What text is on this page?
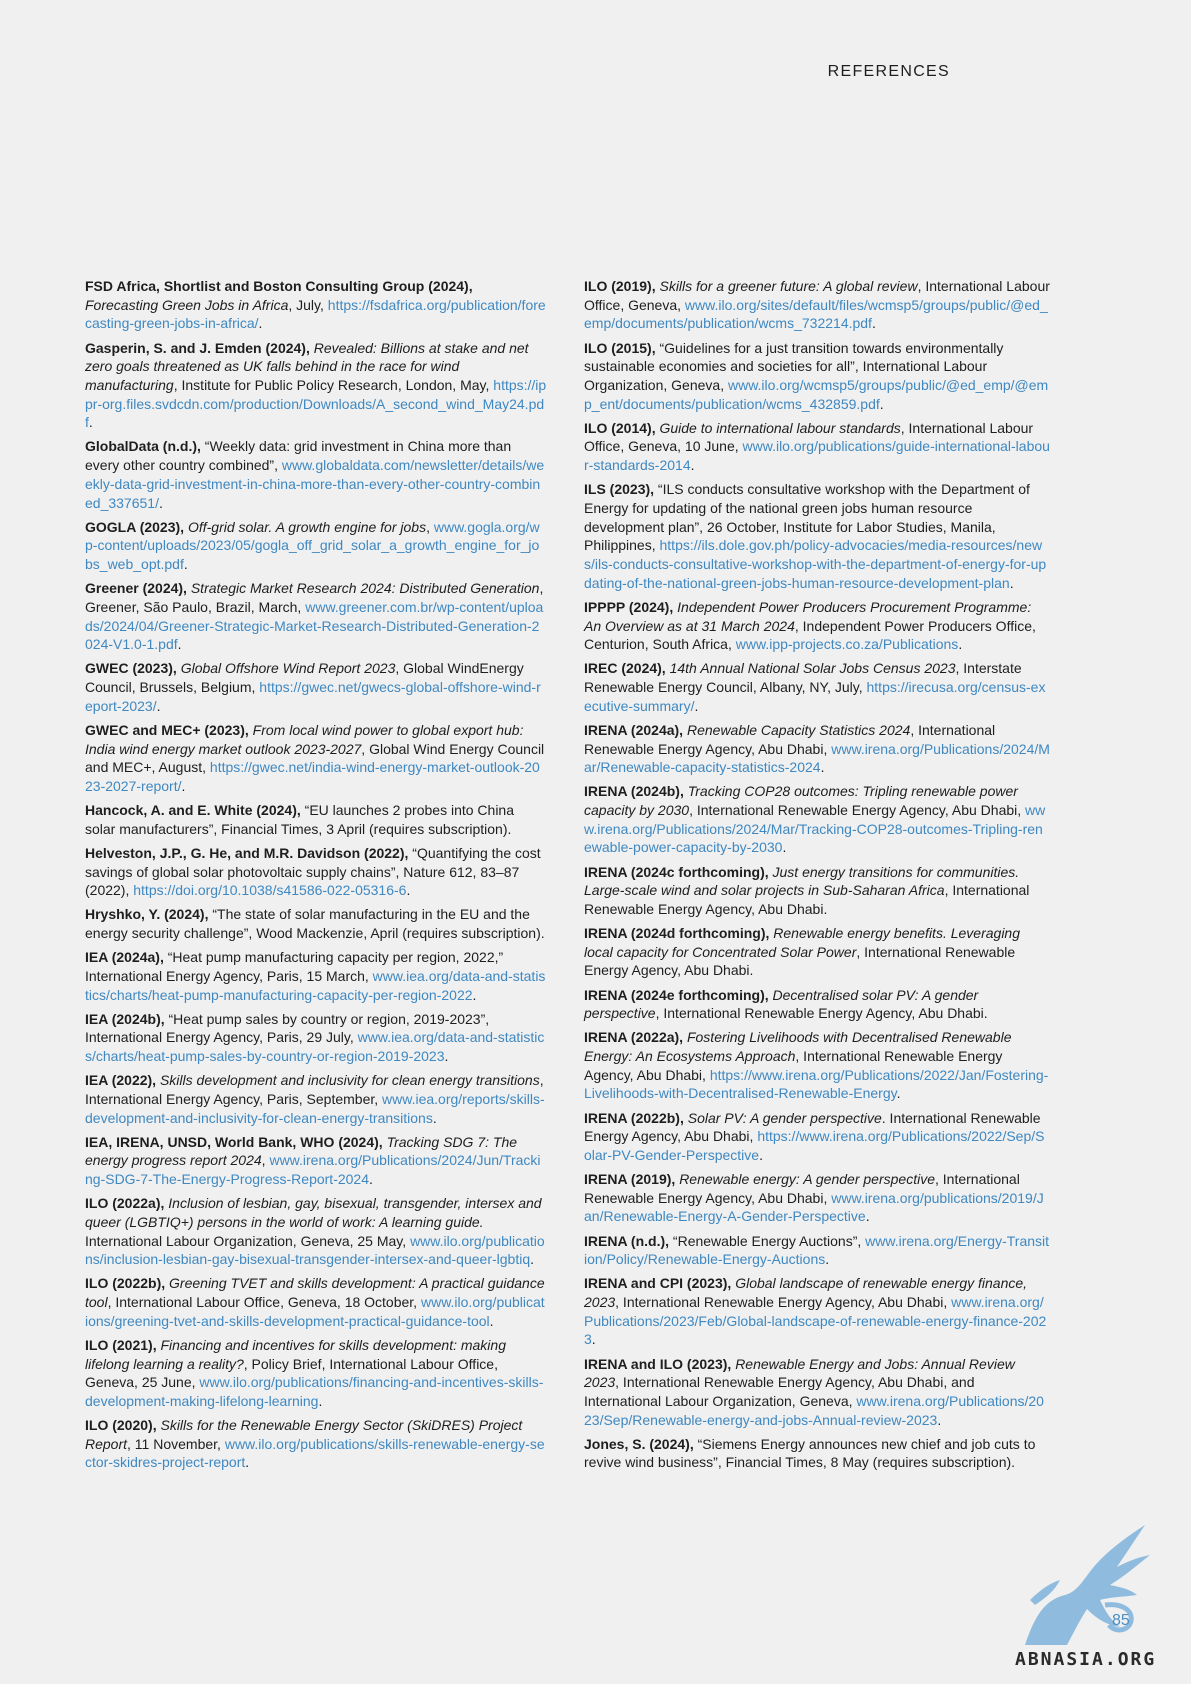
REFERENCES

FSD Africa, Shortlist and Boston Consulting Group (2024), Forecasting Green Jobs in Africa, July, https://fsdafrica.org/publication/forecasting-green-jobs-in-africa/.

Gasperin, S. and J. Emden (2024), Revealed: Billions at stake and net zero goals threatened as UK falls behind in the race for wind manufacturing, Institute for Public Policy Research, London, May, https://ippr-org.files.svdcdn.com/production/Downloads/A_second_wind_May24.pdf.

GlobalData (n.d.), “Weekly data: grid investment in China more than every other country combined”, www.globaldata.com/newsletter/details/weekly-data-grid-investment-in-china-more-than-every-other-country-combined_337651/.

GOGLA (2023), Off-grid solar. A growth engine for jobs, www.gogla.org/wp-content/uploads/2023/05/gogla_off_grid_solar_a_growth_engine_for_jobs_web_opt.pdf.

Greener (2024), Strategic Market Research 2024: Distributed Generation, Greener, São Paulo, Brazil, March, www.greener.com.br/wp-content/uploads/2024/04/Greener-Strategic-Market-Research-Distributed-Generation-2024-V1.0-1.pdf.

GWEC (2023), Global Offshore Wind Report 2023, Global WindEnergy Council, Brussels, Belgium, https://gwec.net/gwecs-global-offshore-wind-report-2023/.

GWEC and MEC+ (2023), From local wind power to global export hub: India wind energy market outlook 2023-2027, Global Wind Energy Council and MEC+, August, https://gwec.net/india-wind-energy-market-outlook-2023-2027-report/.

Hancock, A. and E. White (2024), “EU launches 2 probes into China solar manufacturers”, Financial Times, 3 April (requires subscription).

Helveston, J.P., G. He, and M.R. Davidson (2022), “Quantifying the cost savings of global solar photovoltaic supply chains”, Nature 612, 83–87 (2022), https://doi.org/10.1038/s41586-022-05316-6.

Hryshko, Y. (2024), “The state of solar manufacturing in the EU and the energy security challenge”, Wood Mackenzie, April (requires subscription).

IEA (2024a), “Heat pump manufacturing capacity per region, 2022,” International Energy Agency, Paris, 15 March, www.iea.org/data-and-statistics/charts/heat-pump-manufacturing-capacity-per-region-2022.

IEA (2024b), “Heat pump sales by country or region, 2019-2023”, International Energy Agency, Paris, 29 July, www.iea.org/data-and-statistics/charts/heat-pump-sales-by-country-or-region-2019-2023.

IEA (2022), Skills development and inclusivity for clean energy transitions, International Energy Agency, Paris, September, www.iea.org/reports/skills-development-and-inclusivity-for-clean-energy-transitions.

IEA, IRENA, UNSD, World Bank, WHO (2024), Tracking SDG 7: The energy progress report 2024, www.irena.org/Publications/2024/Jun/Tracking-SDG-7-The-Energy-Progress-Report-2024.

ILO (2022a), Inclusion of lesbian, gay, bisexual, transgender, intersex and queer (LGBTIQ+) persons in the world of work: A learning guide. International Labour Organization, Geneva, 25 May, www.ilo.org/publications/inclusion-lesbian-gay-bisexual-transgender-intersex-and-queer-lgbtiq.

ILO (2022b), Greening TVET and skills development: A practical guidance tool, International Labour Office, Geneva, 18 October, www.ilo.org/publications/greening-tvet-and-skills-development-practical-guidance-tool.

ILO (2021), Financing and incentives for skills development: making lifelong learning a reality?, Policy Brief, International Labour Office, Geneva, 25 June, www.ilo.org/publications/financing-and-incentives-skills-development-making-lifelong-learning.

ILO (2020), Skills for the Renewable Energy Sector (SkiDRES) Project Report, 11 November, www.ilo.org/publications/skills-renewable-energy-sector-skidres-project-report.

ILO (2019), Skills for a greener future: A global review, International Labour Office, Geneva, www.ilo.org/sites/default/files/wcmsp5/groups/public/@ed_emp/documents/publication/wcms_732214.pdf.

ILO (2015), “Guidelines for a just transition towards environmentally sustainable economies and societies for all”, International Labour Organization, Geneva, www.ilo.org/wcmsp5/groups/public/@ed_emp/@emp_ent/documents/publication/wcms_432859.pdf.

ILO (2014), Guide to international labour standards, International Labour Office, Geneva, 10 June, www.ilo.org/publications/guide-international-labour-standards-2014.

ILS (2023), “ILS conducts consultative workshop with the Department of Energy for updating of the national green jobs human resource development plan”, 26 October, Institute for Labor Studies, Manila, Philippines, https://ils.dole.gov.ph/policy-advocacies/media-resources/news/ils-conducts-consultative-workshop-with-the-department-of-energy-for-updating-of-the-national-green-jobs-human-resource-development-plan.

IPPPP (2024), Independent Power Producers Procurement Programme: An Overview as at 31 March 2024, Independent Power Producers Office, Centurion, South Africa, www.ipp-projects.co.za/Publications.

IREC (2024), 14th Annual National Solar Jobs Census 2023, Interstate Renewable Energy Council, Albany, NY, July, https://irecusa.org/census-executive-summary/.

IRENA (2024a), Renewable Capacity Statistics 2024, International Renewable Energy Agency, Abu Dhabi, www.irena.org/Publications/2024/Mar/Renewable-capacity-statistics-2024.

IRENA (2024b), Tracking COP28 outcomes: Tripling renewable power capacity by 2030, International Renewable Energy Agency, Abu Dhabi, www.irena.org/Publications/2024/Mar/Tracking-COP28-outcomes-Tripling-renewable-power-capacity-by-2030.

IRENA (2024c forthcoming), Just energy transitions for communities. Large-scale wind and solar projects in Sub-Saharan Africa, International Renewable Energy Agency, Abu Dhabi.

IRENA (2024d forthcoming), Renewable energy benefits. Leveraging local capacity for Concentrated Solar Power, International Renewable Energy Agency, Abu Dhabi.

IRENA (2024e forthcoming), Decentralised solar PV: A gender perspective, International Renewable Energy Agency, Abu Dhabi.

IRENA (2022a), Fostering Livelihoods with Decentralised Renewable Energy: An Ecosystems Approach, International Renewable Energy Agency, Abu Dhabi, https://www.irena.org/Publications/2022/Jan/Fostering-Livelihoods-with-Decentralised-Renewable-Energy.

IRENA (2022b), Solar PV: A gender perspective. International Renewable Energy Agency, Abu Dhabi, https://www.irena.org/Publications/2022/Sep/Solar-PV-Gender-Perspective.

IRENA (2019), Renewable energy: A gender perspective, International Renewable Energy Agency, Abu Dhabi, www.irena.org/publications/2019/Jan/Renewable-Energy-A-Gender-Perspective.

IRENA (n.d.), “Renewable Energy Auctions”, www.irena.org/Energy-Transition/Policy/Renewable-Energy-Auctions.

IRENA and CPI (2023), Global landscape of renewable energy finance, 2023, International Renewable Energy Agency, Abu Dhabi, www.irena.org/Publications/2023/Feb/Global-landscape-of-renewable-energy-finance-2023.

IRENA and ILO (2023), Renewable Energy and Jobs: Annual Review 2023, International Renewable Energy Agency, Abu Dhabi, and International Labour Organization, Geneva, www.irena.org/Publications/2023/Sep/Renewable-energy-and-jobs-Annual-review-2023.

Jones, S. (2024), “Siemens Energy announces new chief and job cuts to revive wind business”, Financial Times, 8 May (requires subscription).

85
ABNASIA.ORG
